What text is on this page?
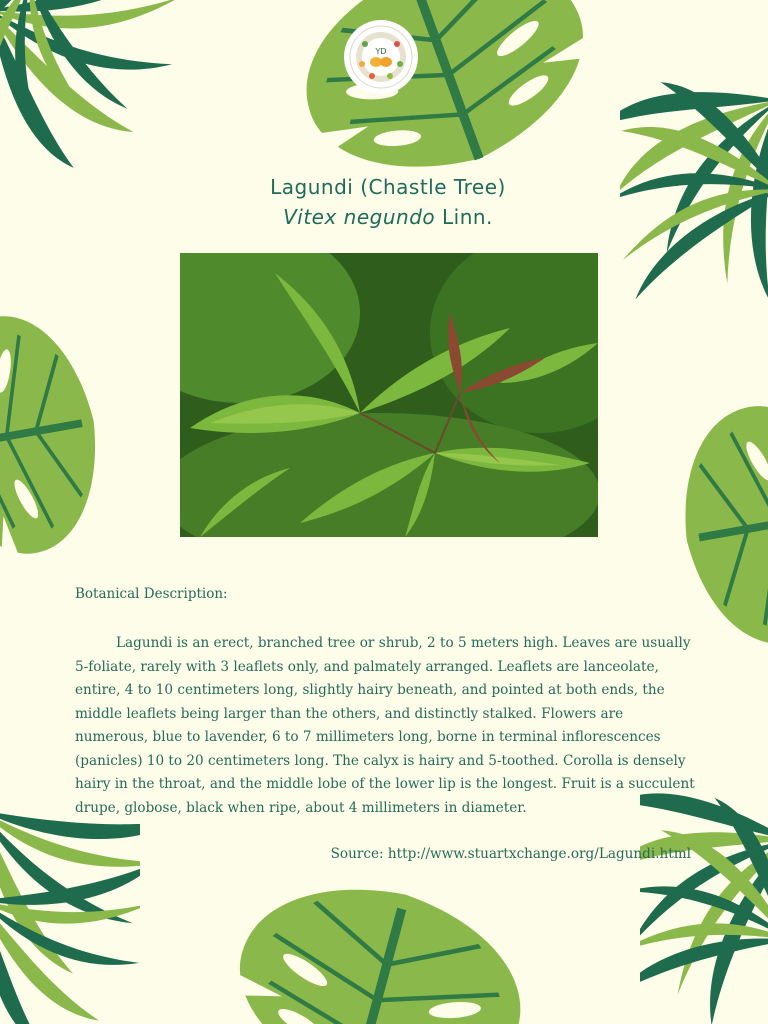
YD
Lagundi (Chastle Tree)
Vitex negundo Linn.
Botanical Description:

Lagundi is an erect, branched tree or shrub, 2 to 5 meters high. Leaves are usually 5-foliate, rarely with 3 leaflets only, and palmately arranged. Leaflets are lanceolate, entire, 4 to 10 centimeters long, slightly hairy beneath, and pointed at both ends, the middle leaflets being larger than the others, and distinctly stalked. Flowers are numerous, blue to lavender, 6 to 7 millimeters long, borne in terminal inflorescences (panicles) 10 to 20 centimeters long. The calyx is hairy and 5-toothed. Corolla is densely hairy in the throat, and the middle lobe of the lower lip is the longest. Fruit is a succulent drupe, globose, black when ripe, about 4 millimeters in diameter.

Source: http://www.stuartxchange.org/Lagundi.html
